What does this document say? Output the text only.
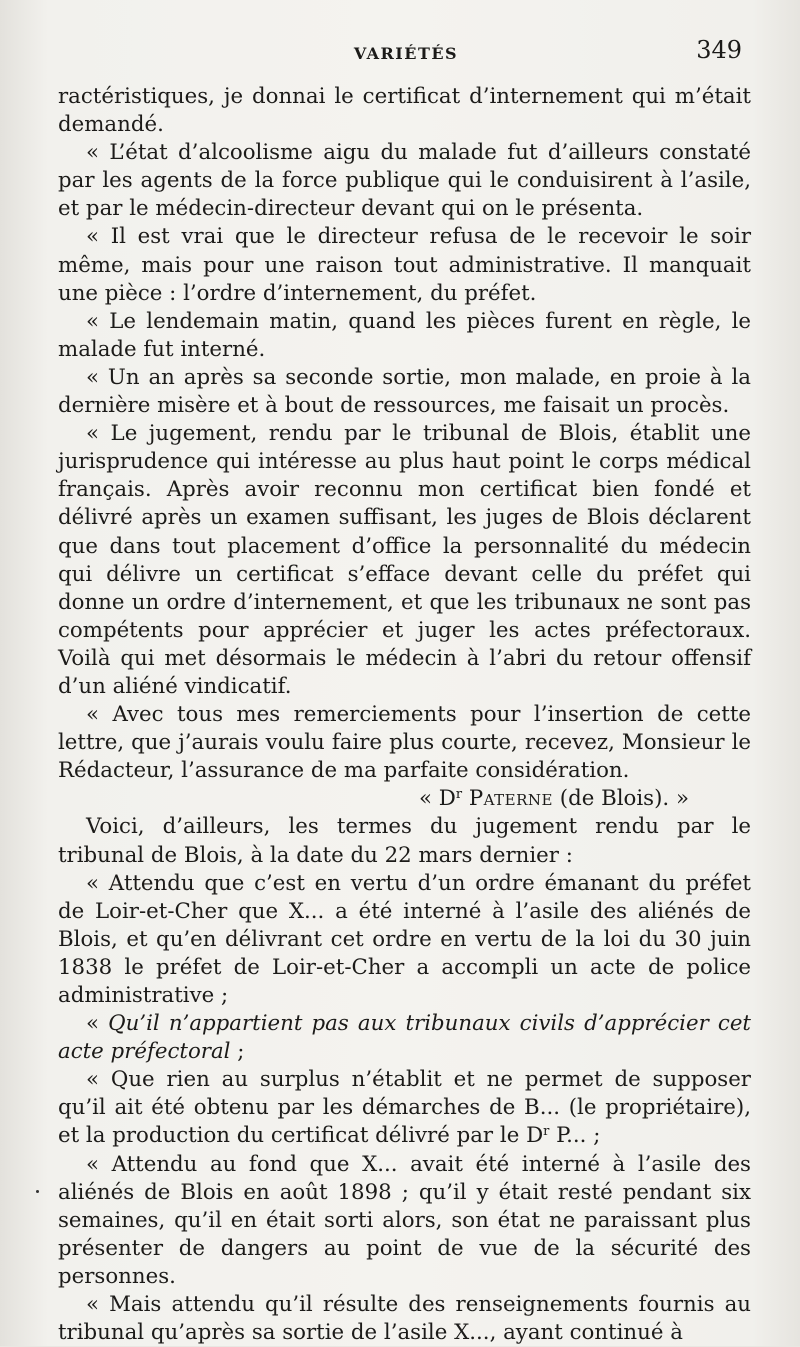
VARIÉTÉS	349

ractéristiques, je donnai le certificat d’internement qui m’était demandé.

« L’état d’alcoolisme aigu du malade fut d’ailleurs constaté par les agents de la force publique qui le conduisirent à l’asile, et par le médecin-directeur devant qui on le présenta.

« Il est vrai que le directeur refusa de le recevoir le soir même, mais pour une raison tout administrative. Il manquait une pièce : l’ordre d’internement, du préfet.

« Le lendemain matin, quand les pièces furent en règle, le malade fut interné.

« Un an après sa seconde sortie, mon malade, en proie à la dernière misère et à bout de ressources, me faisait un procès.

« Le jugement, rendu par le tribunal de Blois, établit une jurisprudence qui intéresse au plus haut point le corps médical français. Après avoir reconnu mon certificat bien fondé et délivré après un examen suffisant, les juges de Blois déclarent que dans tout placement d’office la personnalité du médecin qui délivre un certificat s’efface devant celle du préfet qui donne un ordre d’internement, et que les tribunaux ne sont pas compétents pour apprécier et juger les actes préfectoraux. Voilà qui met désormais le médecin à l’abri du retour offensif d’un aliéné vindicatif.

« Avec tous mes remerciements pour l’insertion de cette lettre, que j’aurais voulu faire plus courte, recevez, Monsieur le Rédacteur, l’assurance de ma parfaite considération.

« $D^r$ Paterne (de Blois). »

Voici, d’ailleurs, les termes du jugement rendu par le tribunal de Blois, à la date du 22 mars dernier :

« Attendu que c’est en vertu d’un ordre émanant du préfet de Loir-et-Cher que X... a été interné à l’asile des aliénés de Blois, et qu’en délivrant cet ordre en vertu de la loi du 30 juin 1838 le préfet de Loir-et-Cher a accompli un acte de police administrative ;

« Qu’il n’appartient pas aux tribunaux civils d’apprécier cet acte préfectoral ;

« Que rien au surplus n’établit et ne permet de supposer qu’il ait été obtenu par les démarches de B... (le propriétaire), et la production du certificat délivré par le $D^r$ P... ;

« Attendu au fond que X... avait été interné à l’asile des aliénés de Blois en août 1898 ; qu’il y était resté pendant six semaines, qu’il en était sorti alors, son état ne paraissant plus présenter de dangers au point de vue de la sécurité des personnes.

« Mais attendu qu’il résulte des renseignements fournis au tribunal qu’après sa sortie de l’asile X..., ayant continué à
